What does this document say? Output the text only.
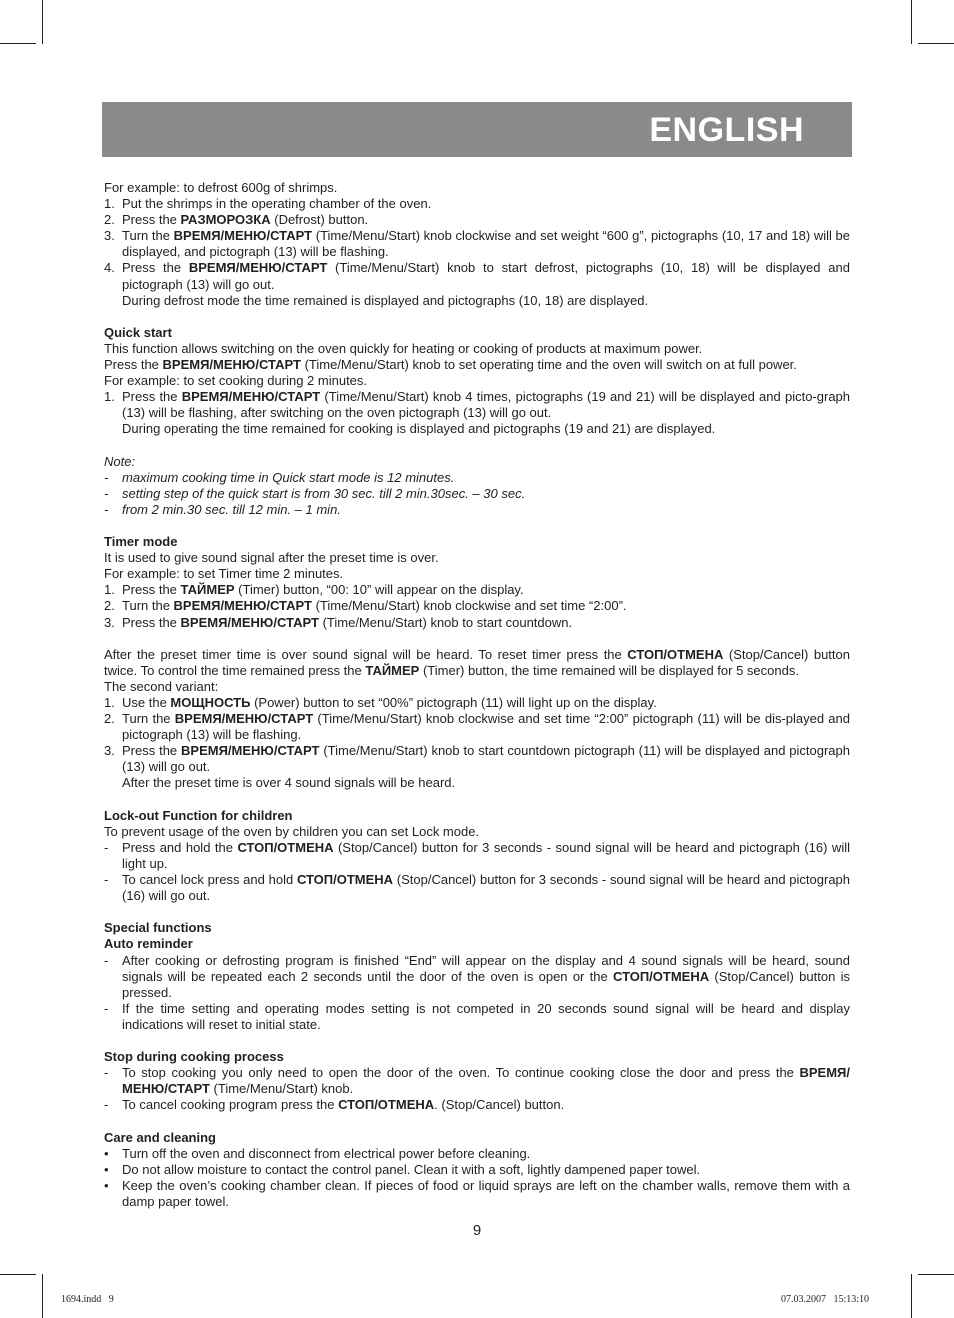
ENGLISH

For example: to defrost 600g of shrimps.

1. Put the shrimps in the operating chamber of the oven.
2. Press the РАЗМОРОЗКА (Defrost) button.
3. Turn the ВРЕМЯ/МЕНЮ/СТАРТ (Time/Menu/Start) knob clockwise and set weight “600 g”, pictographs (10, 17 and 18) will be displayed, and pictograph (13) will be flashing.
4. Press the ВРЕМЯ/МЕНЮ/СТАРТ (Time/Menu/Start) knob to start defrost, pictographs (10, 18) will be displayed and pictograph (13) will go out.

During defrost mode the time remained is displayed and pictographs (10, 18) are displayed.

Quick start

This function allows switching on the oven quickly for heating or cooking of products at maximum power.

Press the ВРЕМЯ/МЕНЮ/СТАРТ (Time/Menu/Start) knob to set operating time and the oven will switch on at full power.

For example: to set cooking during 2 minutes.

1. Press the ВРЕМЯ/МЕНЮ/СТАРТ (Time/Menu/Start) knob 4 times, pictographs (19 and 21) will be displayed and picto-graph (13) will be flashing, after switching on the oven pictograph (13) will go out.

During operating the time remained for cooking is displayed and pictographs (19 and 21) are displayed.

Note:

- maximum cooking time in Quick start mode is 12 minutes.
- setting step of the quick start is from 30 sec. till 2 min.30sec. – 30 sec.
- from 2 min.30 sec. till 12 min. – 1 min.

Timer mode

It is used to give sound signal after the preset time is over.

For example: to set Timer time 2 minutes.

1. Press the ТАЙМЕР (Timer) button, “00: 10” will appear on the display.
2. Turn the ВРЕМЯ/МЕНЮ/СТАРТ (Time/Menu/Start) knob clockwise and set time “2:00”.
3. Press the ВРЕМЯ/МЕНЮ/СТАРТ (Time/Menu/Start) knob to start countdown.

After the preset timer time is over sound signal will be heard. To reset timer press the СТОП/ОТМЕНА (Stop/Cancel) button twice. To control the time remained press the ТАЙМЕР (Timer) button, the time remained will be displayed for 5 seconds.

The second variant:

1. Use the МОЩНОСТЬ (Power) button to set “00%” pictograph (11) will light up on the display.
2. Turn the ВРЕМЯ/МЕНЮ/СТАРТ (Time/Menu/Start) knob clockwise and set time “2:00” pictograph (11) will be dis-played and pictograph (13) will be flashing.
3. Press the ВРЕМЯ/МЕНЮ/СТАРТ (Time/Menu/Start) knob to start countdown pictograph (11) will be displayed and pictograph (13) will go out.

After the preset time is over 4 sound signals will be heard.

Lock-out Function for children

To prevent usage of the oven by children you can set Lock mode.

- Press and hold the СТОП/ОТМЕНА (Stop/Cancel) button for 3 seconds - sound signal will be heard and pictograph (16) will light up.
- To cancel lock press and hold СТОП/ОТМЕНА (Stop/Cancel) button for 3 seconds - sound signal will be heard and pictograph (16) will go out.

Special functions

Auto reminder

- After cooking or defrosting program is finished “End” will appear on the display and 4 sound signals will be heard, sound signals will be repeated each 2 seconds until the door of the oven is open or the СТОП/ОТМЕНА (Stop/Cancel) button is pressed.
- If the time setting and operating modes setting is not competed in 20 seconds sound signal will be heard and display indications will reset to initial state.

Stop during cooking process

- To stop cooking you only need to open the door of the oven. To continue cooking close the door and press the ВРЕМЯ/ МЕНЮ/СТАРТ (Time/Menu/Start) knob.
- To cancel cooking program press the СТОП/ОТМЕНА. (Stop/Cancel) button.

Care and cleaning

• Turn off the oven and disconnect from electrical power before cleaning.
• Do not allow moisture to contact the control panel. Clean it with a soft, lightly dampened paper towel.
• Keep the oven’s cooking chamber clean. If pieces of food or liquid sprays are left on the chamber walls, remove them with a damp paper towel.
9
1694.indd   9	07.03.2007   15:13:10
